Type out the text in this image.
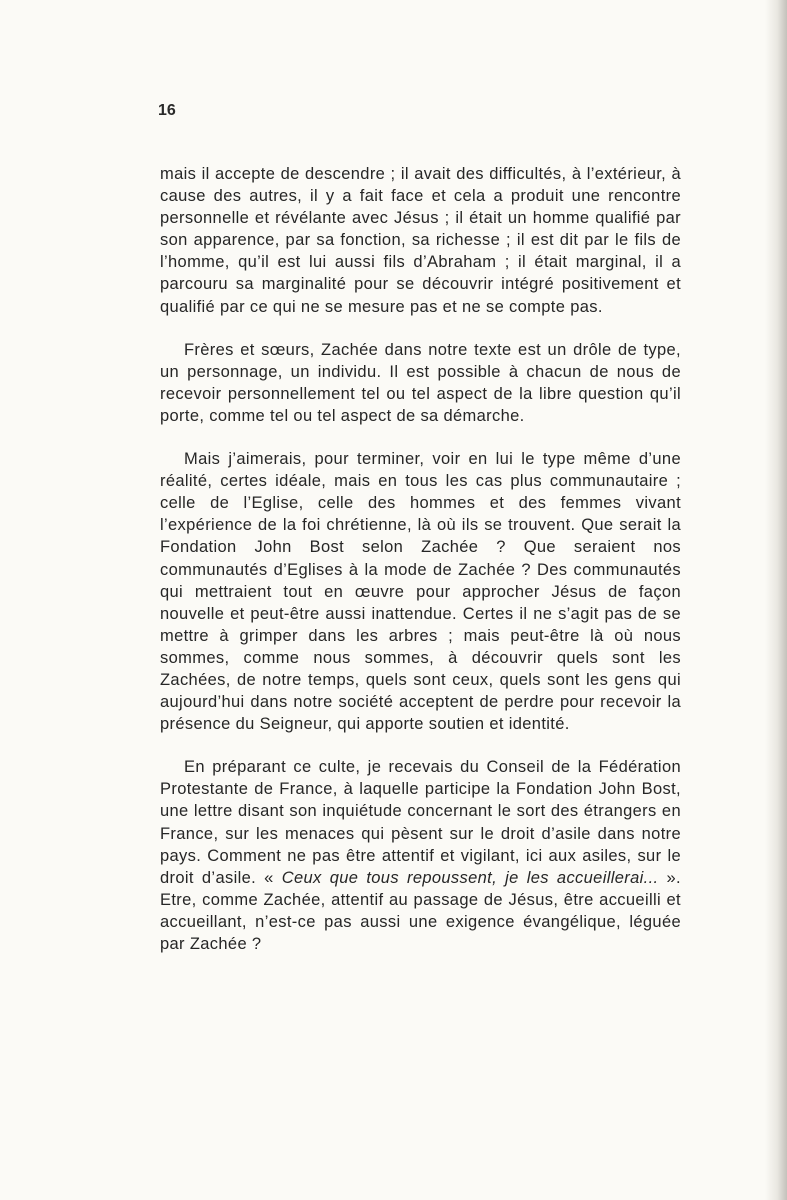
16

mais il accepte de descendre ; il avait des difficultés, à l’extérieur, à cause des autres, il y a fait face et cela a produit une rencontre personnelle et révélante avec Jésus ; il était un homme qualifié par son apparence, par sa fonction, sa richesse ; il est dit par le fils de l’homme, qu’il est lui aussi fils d’Abraham ; il était marginal, il a parcouru sa marginalité pour se découvrir intégré positivement et qualifié par ce qui ne se mesure pas et ne se compte pas.

Frères et sœurs, Zachée dans notre texte est un drôle de type, un personnage, un individu. Il est possible à chacun de nous de recevoir personnellement tel ou tel aspect de la libre question qu’il porte, comme tel ou tel aspect de sa démarche.

Mais j’aimerais, pour terminer, voir en lui le type même d’une réalité, certes idéale, mais en tous les cas plus communautaire ; celle de l’Eglise, celle des hommes et des femmes vivant l’expérience de la foi chrétienne, là où ils se trouvent. Que serait la Fondation John Bost selon Zachée ? Que seraient nos communautés d’Eglises à la mode de Zachée ? Des communautés qui mettraient tout en œuvre pour approcher Jésus de façon nouvelle et peut-être aussi inattendue. Certes il ne s’agit pas de se mettre à grimper dans les arbres ; mais peut-être là où nous sommes, comme nous sommes, à découvrir quels sont les Zachées, de notre temps, quels sont ceux, quels sont les gens qui aujourd’hui dans notre société acceptent de perdre pour recevoir la présence du Seigneur, qui apporte soutien et identité.

En préparant ce culte, je recevais du Conseil de la Fédération Protestante de France, à laquelle participe la Fondation John Bost, une lettre disant son inquiétude concernant le sort des étrangers en France, sur les menaces qui pèsent sur le droit d’asile dans notre pays. Comment ne pas être attentif et vigilant, ici aux asiles, sur le droit d’asile. « Ceux que tous repoussent, je les accueillerai... ». Etre, comme Zachée, attentif au passage de Jésus, être accueilli et accueillant, n’est-ce pas aussi une exigence évangélique, léguée par Zachée ?
